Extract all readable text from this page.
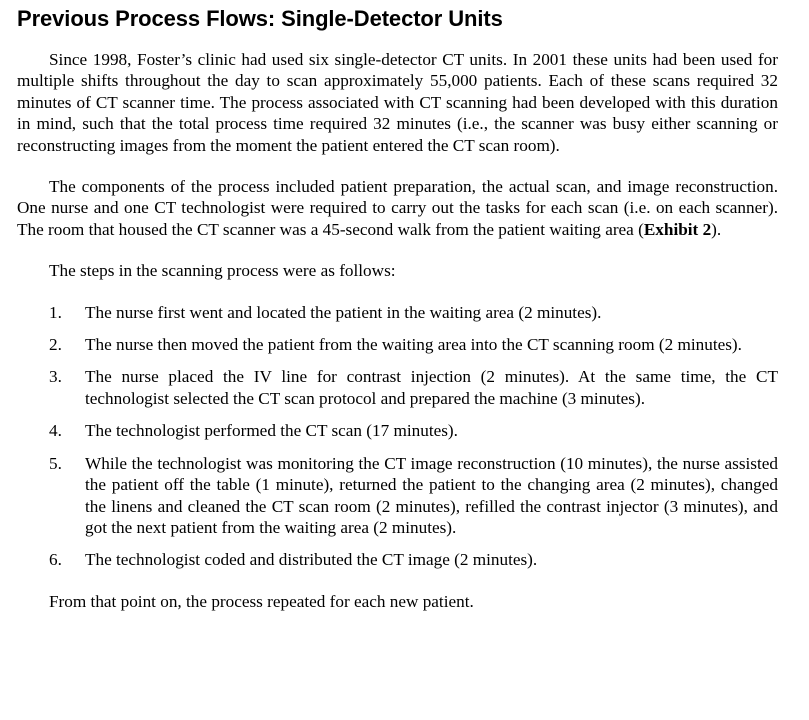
Previous Process Flows: Single-Detector Units

Since 1998, Foster’s clinic had used six single-detector CT units. In 2001 these units had been used for multiple shifts throughout the day to scan approximately 55,000 patients. Each of these scans required 32 minutes of CT scanner time. The process associated with CT scanning had been developed with this duration in mind, such that the total process time required 32 minutes (i.e., the scanner was busy either scanning or reconstructing images from the moment the patient entered the CT scan room).

The components of the process included patient preparation, the actual scan, and image reconstruction. One nurse and one CT technologist were required to carry out the tasks for each scan (i.e. on each scanner). The room that housed the CT scanner was a 45-second walk from the patient waiting area (Exhibit 2).

The steps in the scanning process were as follows:

1. The nurse first went and located the patient in the waiting area (2 minutes).
2. The nurse then moved the patient from the waiting area into the CT scanning room (2 minutes).
3. The nurse placed the IV line for contrast injection (2 minutes). At the same time, the CT technologist selected the CT scan protocol and prepared the machine (3 minutes).
4. The technologist performed the CT scan (17 minutes).
5. While the technologist was monitoring the CT image reconstruction (10 minutes), the nurse assisted the patient off the table (1 minute), returned the patient to the changing area (2 minutes), changed the linens and cleaned the CT scan room (2 minutes), refilled the contrast injector (3 minutes), and got the next patient from the waiting area (2 minutes).
6. The technologist coded and distributed the CT image (2 minutes).

From that point on, the process repeated for each new patient.
